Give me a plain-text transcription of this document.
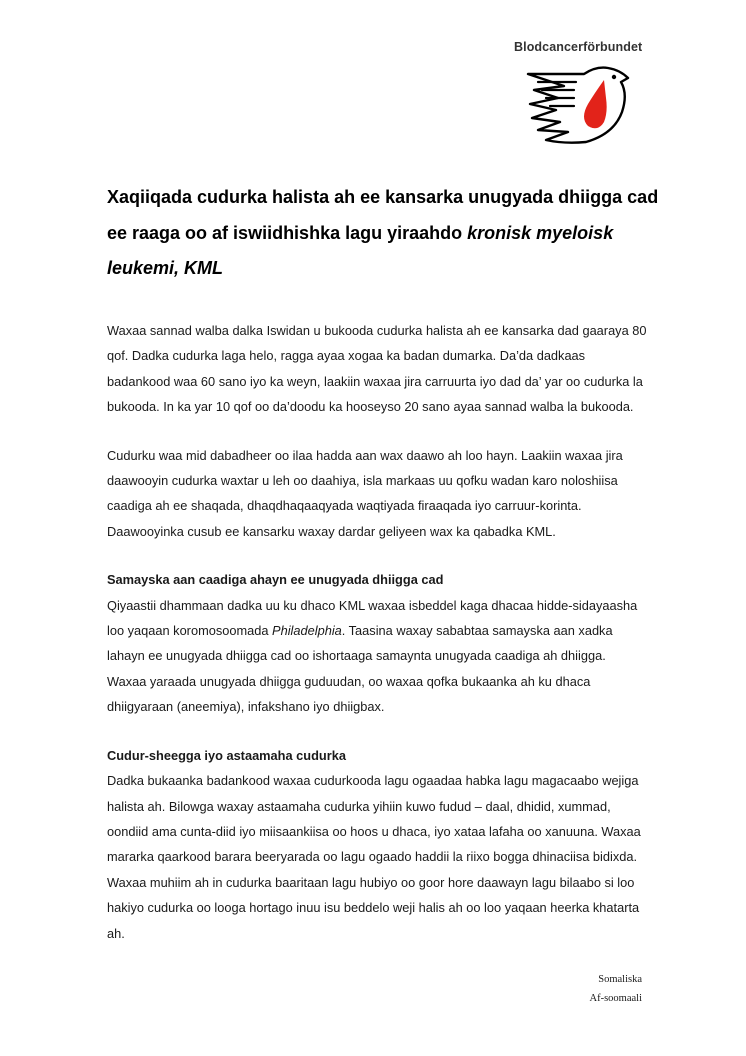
Blodcancerförbundet
Xaqiiqada cudurka halista ah ee kansarka unugyada dhiigga cad
ee raaga oo af iswiidhishka lagu yiraahdo kronisk myeloisk
leukemi, KML

Waxaa sannad walba dalka Iswidan u bukooda cudurka halista ah ee kansarka dad gaaraya 80 qof. Dadka cudurka laga helo, ragga ayaa xogaa ka badan dumarka. Da’da dadkaas badankood waa 60 sano iyo ka weyn, laakiin waxaa jira carruurta iyo dad da’ yar oo cudurka la bukooda. In ka yar 10 qof oo da’doodu ka hooseyso 20 sano ayaa sannad walba la bukooda.

Cudurku waa mid dabadheer oo ilaa hadda aan wax daawo ah loo hayn. Laakiin waxaa jira daawooyin cudurka waxtar u leh oo daahiya, isla markaas uu qofku wadan karo noloshiisa caadiga ah ee shaqada, dhaqdhaqaaqyada waqtiyada firaaqada iyo carruur-korinta. Daawooyinka cusub ee kansarku waxay dardar geliyeen wax ka qabadka KML.

Samayska aan caadiga ahayn ee unugyada dhiigga cad

Qiyaastii dhammaan dadka uu ku dhaco KML waxaa isbeddel kaga dhacaa hidde-sidayaasha loo yaqaan koromosoomada Philadelphia. Taasina waxay sababtaa samayska aan xadka lahayn ee unugyada dhiigga cad oo ishortaaga samaynta unugyada caadiga ah dhiigga. Waxaa yaraada unugyada dhiigga guduudan, oo waxaa qofka bukaanka ah ku dhaca dhiigyaraan (aneemiya), infakshano iyo dhiigbax.

Cudur-sheegga iyo astaamaha cudurka

Dadka bukaanka badankood waxaa cudurkooda lagu ogaadaa habka lagu magacaabo wejiga halista ah. Bilowga waxay astaamaha cudurka yihiin kuwo fudud – daal, dhidid, xummad, oondiid ama cunta-diid iyo miisaankiisa oo hoos u dhaca, iyo xataa lafaha oo xanuuna. Waxaa mararka qaarkood barara beeryarada oo lagu ogaado haddii la riixo bogga dhinaciisa bidixda. Waxaa muhiim ah in cudurka baaritaan lagu hubiyo oo goor hore daawayn lagu bilaabo si loo hakiyo cudurka oo looga hortago inuu isu beddelo weji halis ah oo loo yaqaan heerka khatarta ah.

Somaliska
Af-soomaali
